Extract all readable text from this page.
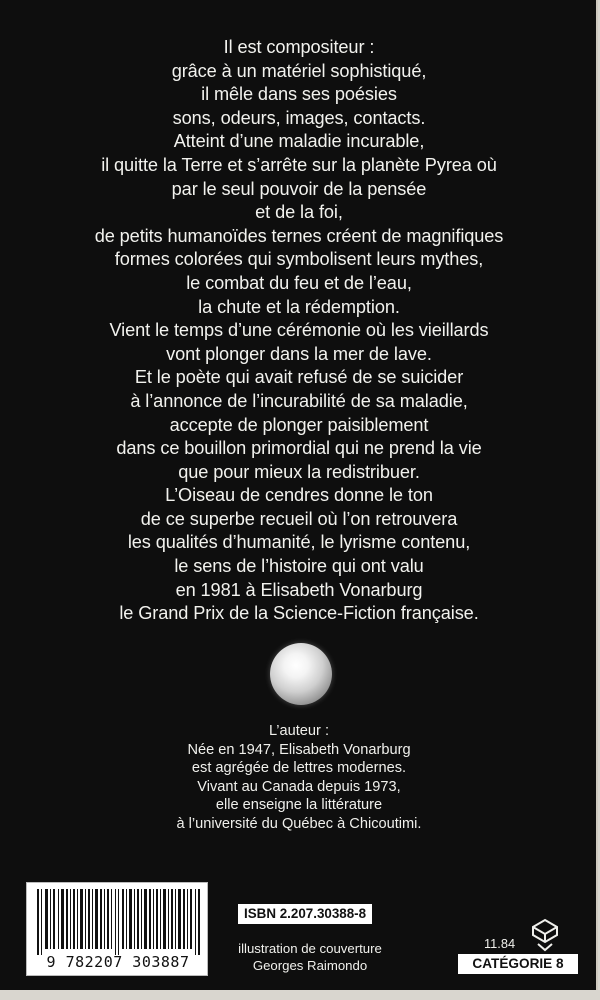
Il est compositeur :
grâce à un matériel sophistiqué,
il mêle dans ses poésies
sons, odeurs, images, contacts.
Atteint d’une maladie incurable,
il quitte la Terre et s’arrête sur la planète Pyrea où
par le seul pouvoir de la pensée
et de la foi,
de petits humanoïdes ternes créent de magnifiques
formes colorées qui symbolisent leurs mythes,
le combat du feu et de l’eau,
la chute et la rédemption.
Vient le temps d’une cérémonie où les vieillards
vont plonger dans la mer de lave.
Et le poète qui avait refusé de se suicider
à l’annonce de l’incurabilité de sa maladie,
accepte de plonger paisiblement
dans ce bouillon primordial qui ne prend la vie
que pour mieux la redistribuer.
L’Oiseau de cendres donne le ton
de ce superbe recueil où l’on retrouvera
les qualités d’humanité, le lyrisme contenu,
le sens de l’histoire qui ont valu
en 1981 à Elisabeth Vonarburg
le Grand Prix de la Science-Fiction française.
L’auteur :
Née en 1947, Elisabeth Vonarburg
est agrégée de lettres modernes.
Vivant au Canada depuis 1973,
elle enseigne la littérature
à l’université du Québec à Chicoutimi.
9 782207 303887
ISBN 2.207.30388-8
illustration de couverture
Georges Raimondo
11.84
CATÉGORIE 8
